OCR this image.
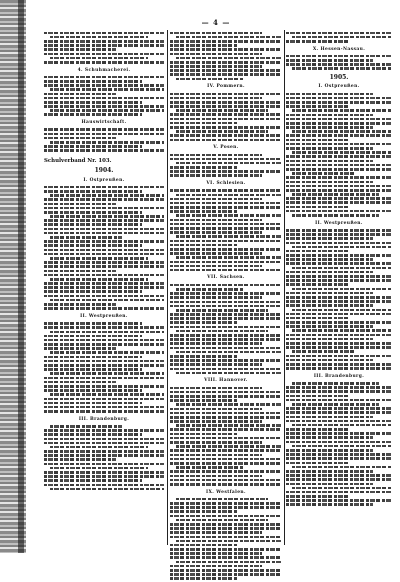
— 4 —
4. Schuhmacherei.
Hauswirtschaft.
Schulverband Nr. 103.
1904.
I. Ostpreußen.
II. Westpreußen.
III. Brandenburg.
IV. Pommern.
V. Posen.
VI. Schlesien.
VII. Sachsen.
VIII. Hannover.
IX. Westfalen.
X. Hessen-Nassau.
1905.
I. Ostpreußen.
II. Westpreußen.
III. Brandenburg.
